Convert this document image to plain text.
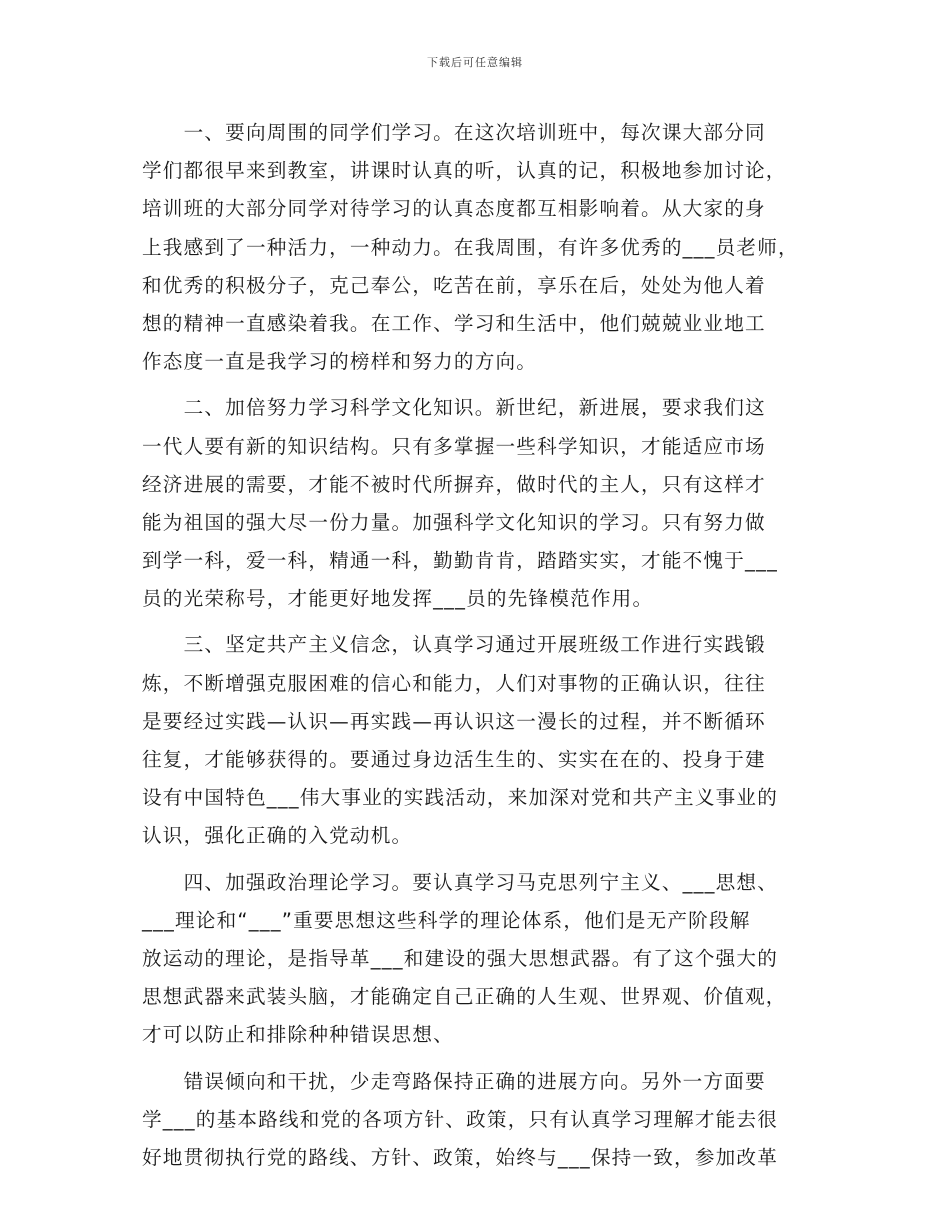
下载后可任意编辑
　　一、要向周围的同学们学习。在这次培训班中，每次课大部分同
学们都很早来到教室，讲课时认真的听，认真的记，积极地参加讨论，
培训班的大部分同学对待学习的认真态度都互相影响着。从大家的身
上我感到了一种活力，一种动力。在我周围，有许多优秀的___员老师，
和优秀的积极分子，克己奉公，吃苦在前，享乐在后，处处为他人着
想的精神一直感染着我。在工作、学习和生活中，他们兢兢业业地工
作态度一直是我学习的榜样和努力的方向。
　　二、加倍努力学习科学文化知识。新世纪，新进展，要求我们这
一代人要有新的知识结构。只有多掌握一些科学知识，才能适应市场
经济进展的需要，才能不被时代所摒弃，做时代的主人，只有这样才
能为祖国的强大尽一份力量。加强科学文化知识的学习。只有努力做
到学一科，爱一科，精通一科，勤勤肯肯，踏踏实实，才能不愧于___
员的光荣称号，才能更好地发挥___员的先锋模范作用。
　　三、坚定共产主义信念，认真学习通过开展班级工作进行实践锻
炼，不断增强克服困难的信心和能力，人们对事物的正确认识，往往
是要经过实践—认识—再实践—再认识这一漫长的过程，并不断循环
往复，才能够获得的。要通过身边活生生的、实实在在的、投身于建
设有中国特色___伟大事业的实践活动，来加深对党和共产主义事业的
认识，强化正确的入党动机。
　　四、加强政治理论学习。要认真学习马克思列宁主义、___思想、
___理论和“___”重要思想这些科学的理论体系，他们是无产阶段解
放运动的理论，是指导革___和建设的强大思想武器。有了这个强大的
思想武器来武装头脑，才能确定自己正确的人生观、世界观、价值观，
才可以防止和排除种种错误思想、
　　错误倾向和干扰，少走弯路保持正确的进展方向。另外一方面要
学___的基本路线和党的各项方针、政策，只有认真学习理解才能去很
好地贯彻执行党的路线、方针、政策，始终与___保持一致，参加改革
